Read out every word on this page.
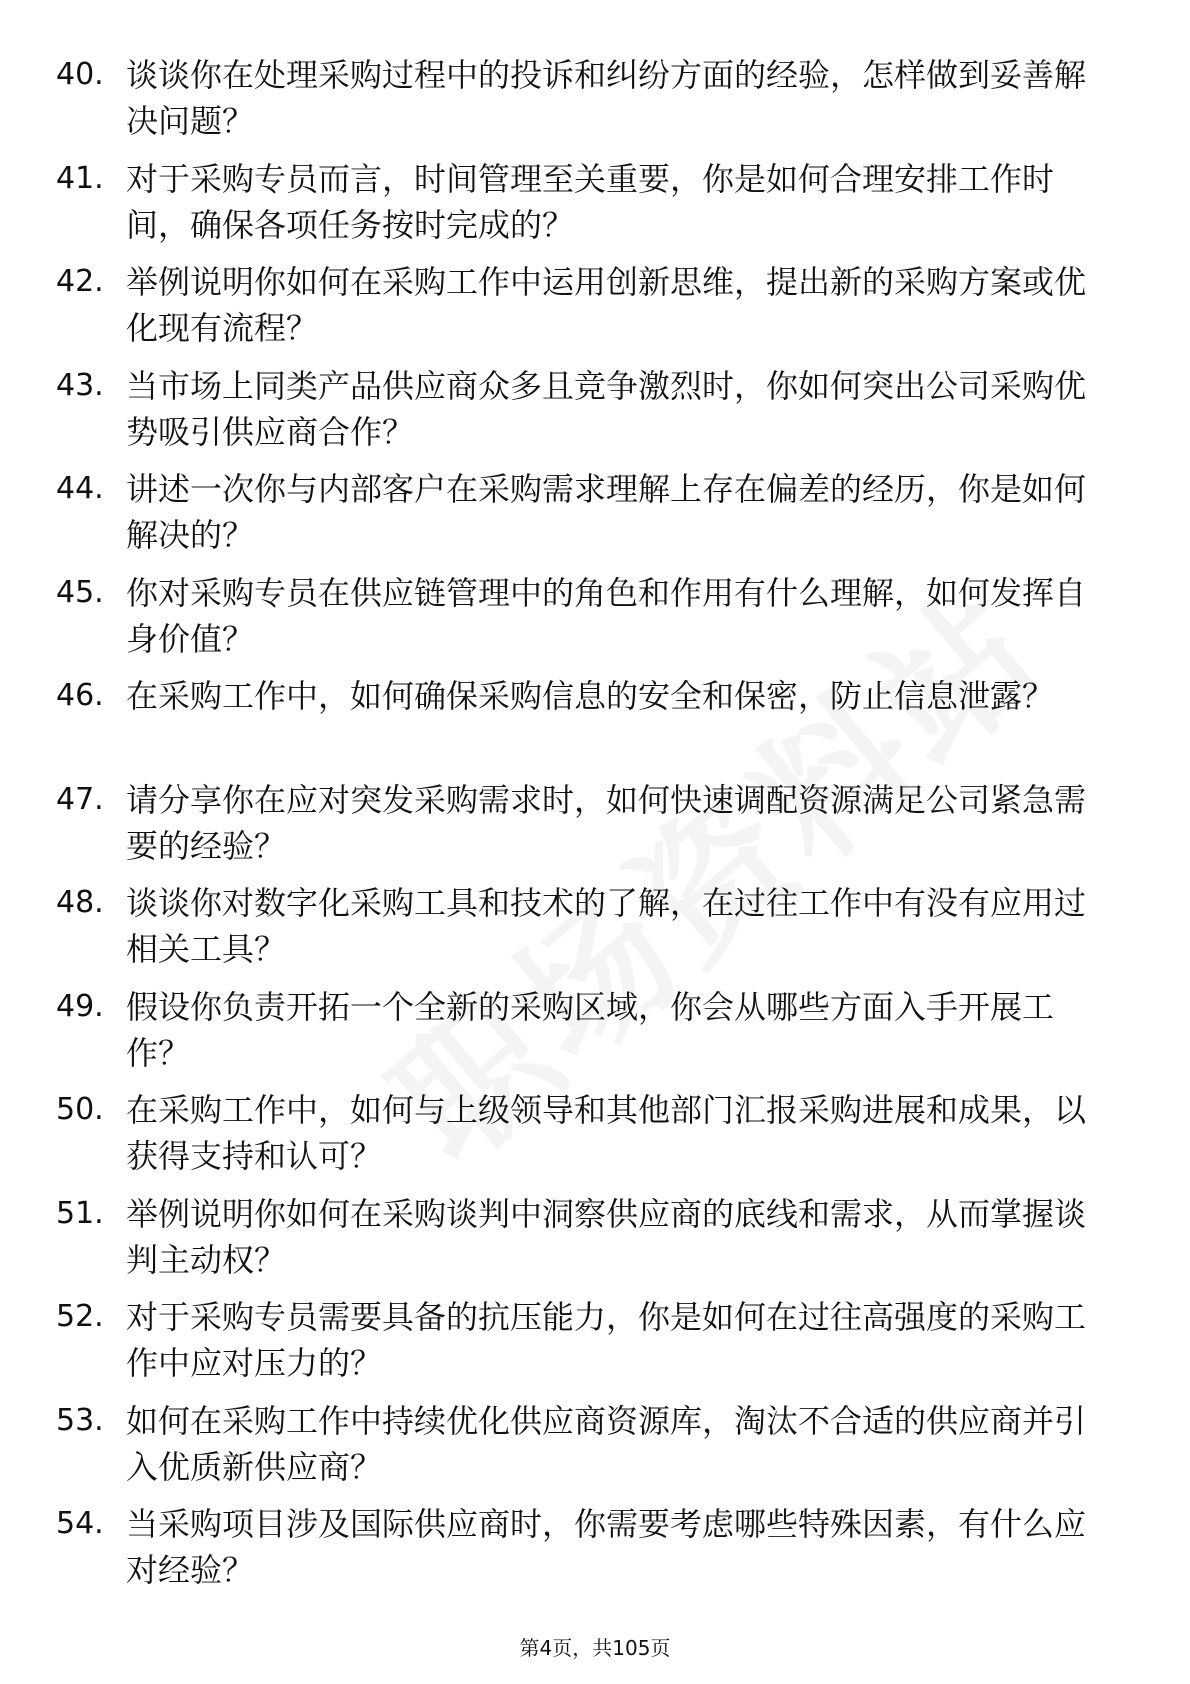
40. 谈谈你在处理采购过程中的投诉和纠纷方面的经验，怎样做到妥善解决问题？
41. 对于采购专员而言，时间管理至关重要，你是如何合理安排工作时间，确保各项任务按时完成的？
42. 举例说明你如何在采购工作中运用创新思维，提出新的采购方案或优化现有流程？
43. 当市场上同类产品供应商众多且竞争激烈时，你如何突出公司采购优势吸引供应商合作？
44. 讲述一次你与内部客户在采购需求理解上存在偏差的经历，你是如何解决的？
45. 你对采购专员在供应链管理中的角色和作用有什么理解，如何发挥自身价值？
46. 在采购工作中，如何确保采购信息的安全和保密，防止信息泄露？
47. 请分享你在应对突发采购需求时，如何快速调配资源满足公司紧急需要的经验？
48. 谈谈你对数字化采购工具和技术的了解，在过往工作中有没有应用过相关工具？
49. 假设你负责开拓一个全新的采购区域，你会从哪些方面入手开展工作？
50. 在采购工作中，如何与上级领导和其他部门汇报采购进展和成果，以获得支持和认可？
51. 举例说明你如何在采购谈判中洞察供应商的底线和需求，从而掌握谈判主动权？
52. 对于采购专员需要具备的抗压能力，你是如何在过往高强度的采购工作中应对压力的？
53. 如何在采购工作中持续优化供应商资源库，淘汰不合适的供应商并引入优质新供应商？
54. 当采购项目涉及国际供应商时，你需要考虑哪些特殊因素，有什么应对经验？
第4页，共105页
